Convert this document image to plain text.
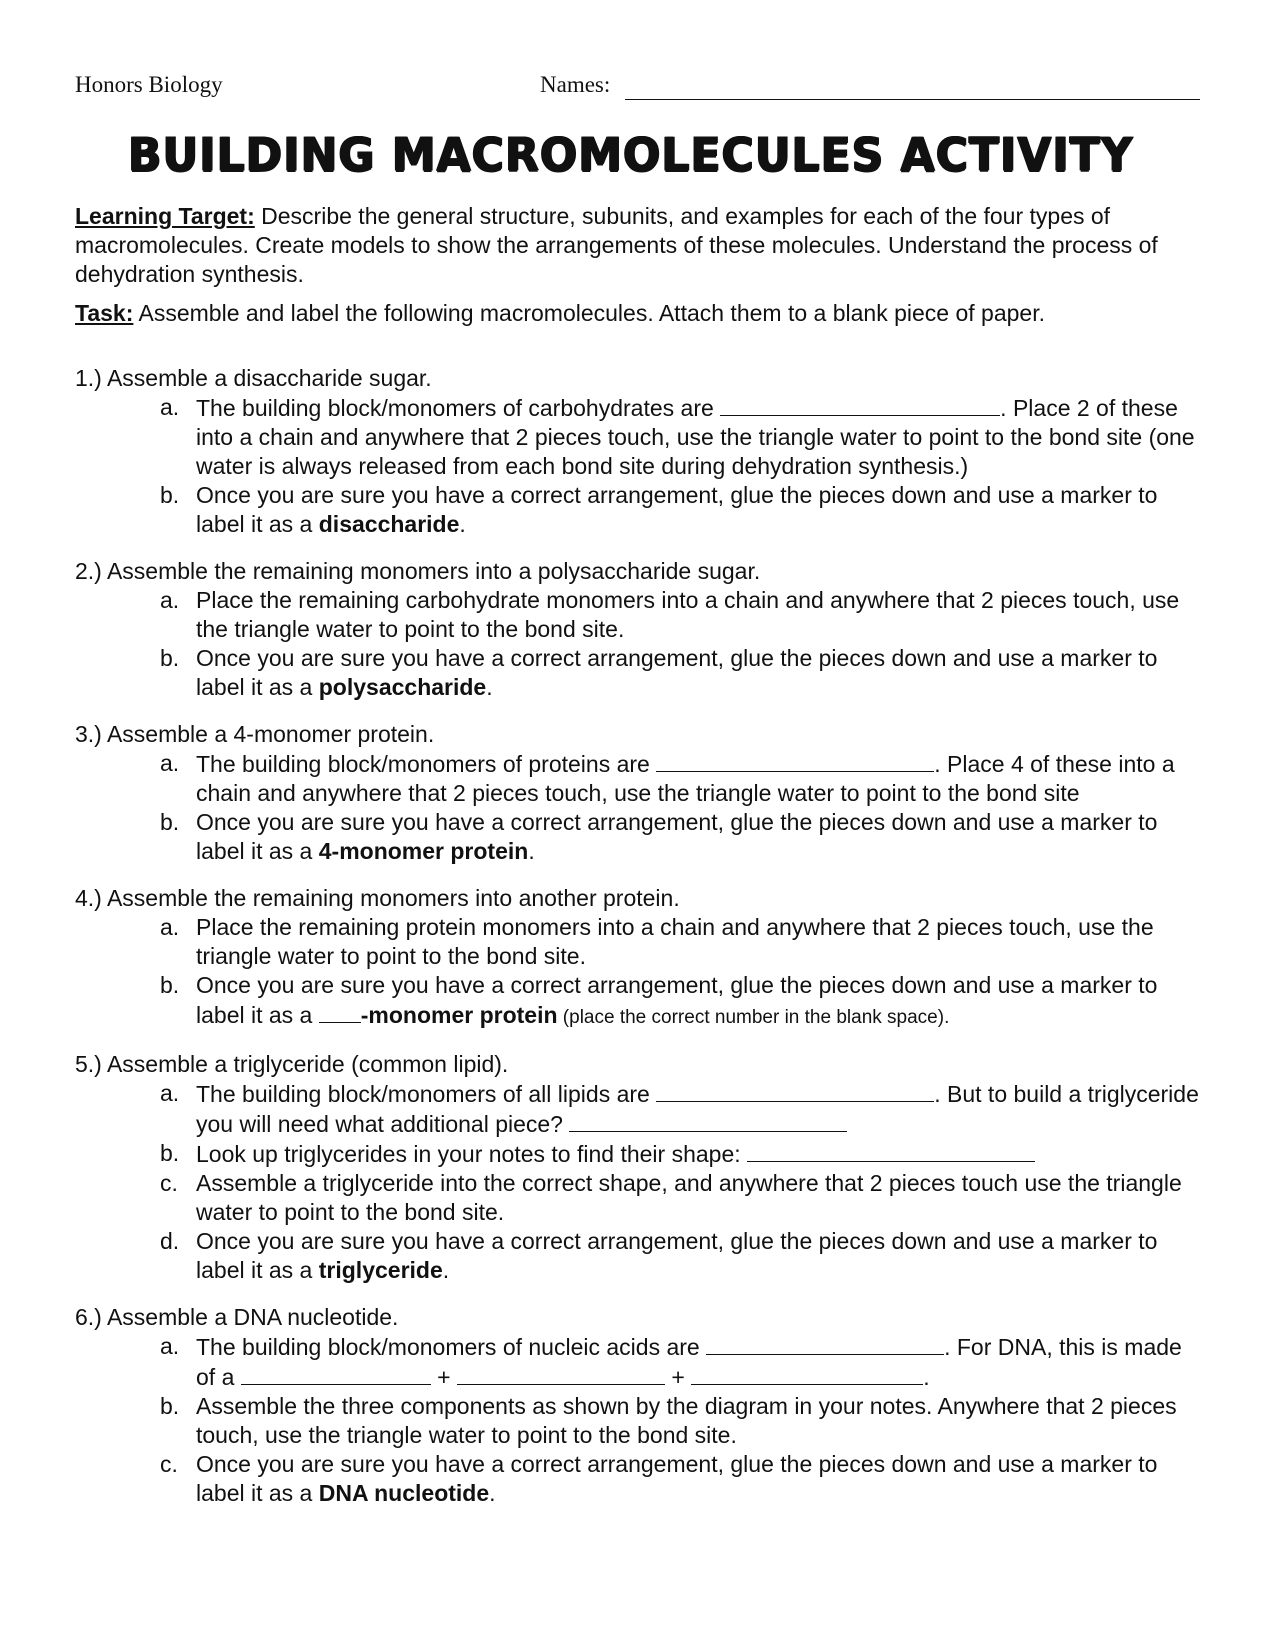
Honors Biology	Names:
BUILDING MACROMOLECULES ACTIVITY

Learning Target: Describe the general structure, subunits, and examples for each of the four types of macromolecules. Create models to show the arrangements of these molecules. Understand the process of dehydration synthesis.

Task: Assemble and label the following macromolecules. Attach them to a blank piece of paper.

1.) Assemble a disaccharide sugar.

a. The building block/monomers of carbohydrates are	. Place 2 of these into a chain and anywhere that 2 pieces touch, use the triangle water to point to the bond site (one water is always released from each bond site during dehydration synthesis.)

b. Once you are sure you have a correct arrangement, glue the pieces down and use a marker to label it as a disaccharide.

2.) Assemble the remaining monomers into a polysaccharide sugar.

a. Place the remaining carbohydrate monomers into a chain and anywhere that 2 pieces touch, use the triangle water to point to the bond site.

b. Once you are sure you have a correct arrangement, glue the pieces down and use a marker to label it as a polysaccharide.

3.) Assemble a 4-monomer protein.

a. The building block/monomers of proteins are	. Place 4 of these into a chain and anywhere that 2 pieces touch, use the triangle water to point to the bond site

b. Once you are sure you have a correct arrangement, glue the pieces down and use a marker to label it as a 4-monomer protein.

4.) Assemble the remaining monomers into another protein.

a. Place the remaining protein monomers into a chain and anywhere that 2 pieces touch, use the triangle water to point to the bond site.

b. Once you are sure you have a correct arrangement, glue the pieces down and use a marker to label it as a -monomer protein (place the correct number in the blank space).

5.) Assemble a triglyceride (common lipid).

a. The building block/monomers of all lipids are	. But to build a triglyceride you will need what additional piece?

b. Look up triglycerides in your notes to find their shape:

c. Assemble a triglyceride into the correct shape, and anywhere that 2 pieces touch use the triangle water to point to the bond site.

d. Once you are sure you have a correct arrangement, glue the pieces down and use a marker to label it as a triglyceride.

6.) Assemble a DNA nucleotide.

a. The building block/monomers of nucleic acids are	. For DNA, this is made of a	+	+	.

b. Assemble the three components as shown by the diagram in your notes. Anywhere that 2 pieces touch, use the triangle water to point to the bond site.

c. Once you are sure you have a correct arrangement, glue the pieces down and use a marker to label it as a DNA nucleotide.
